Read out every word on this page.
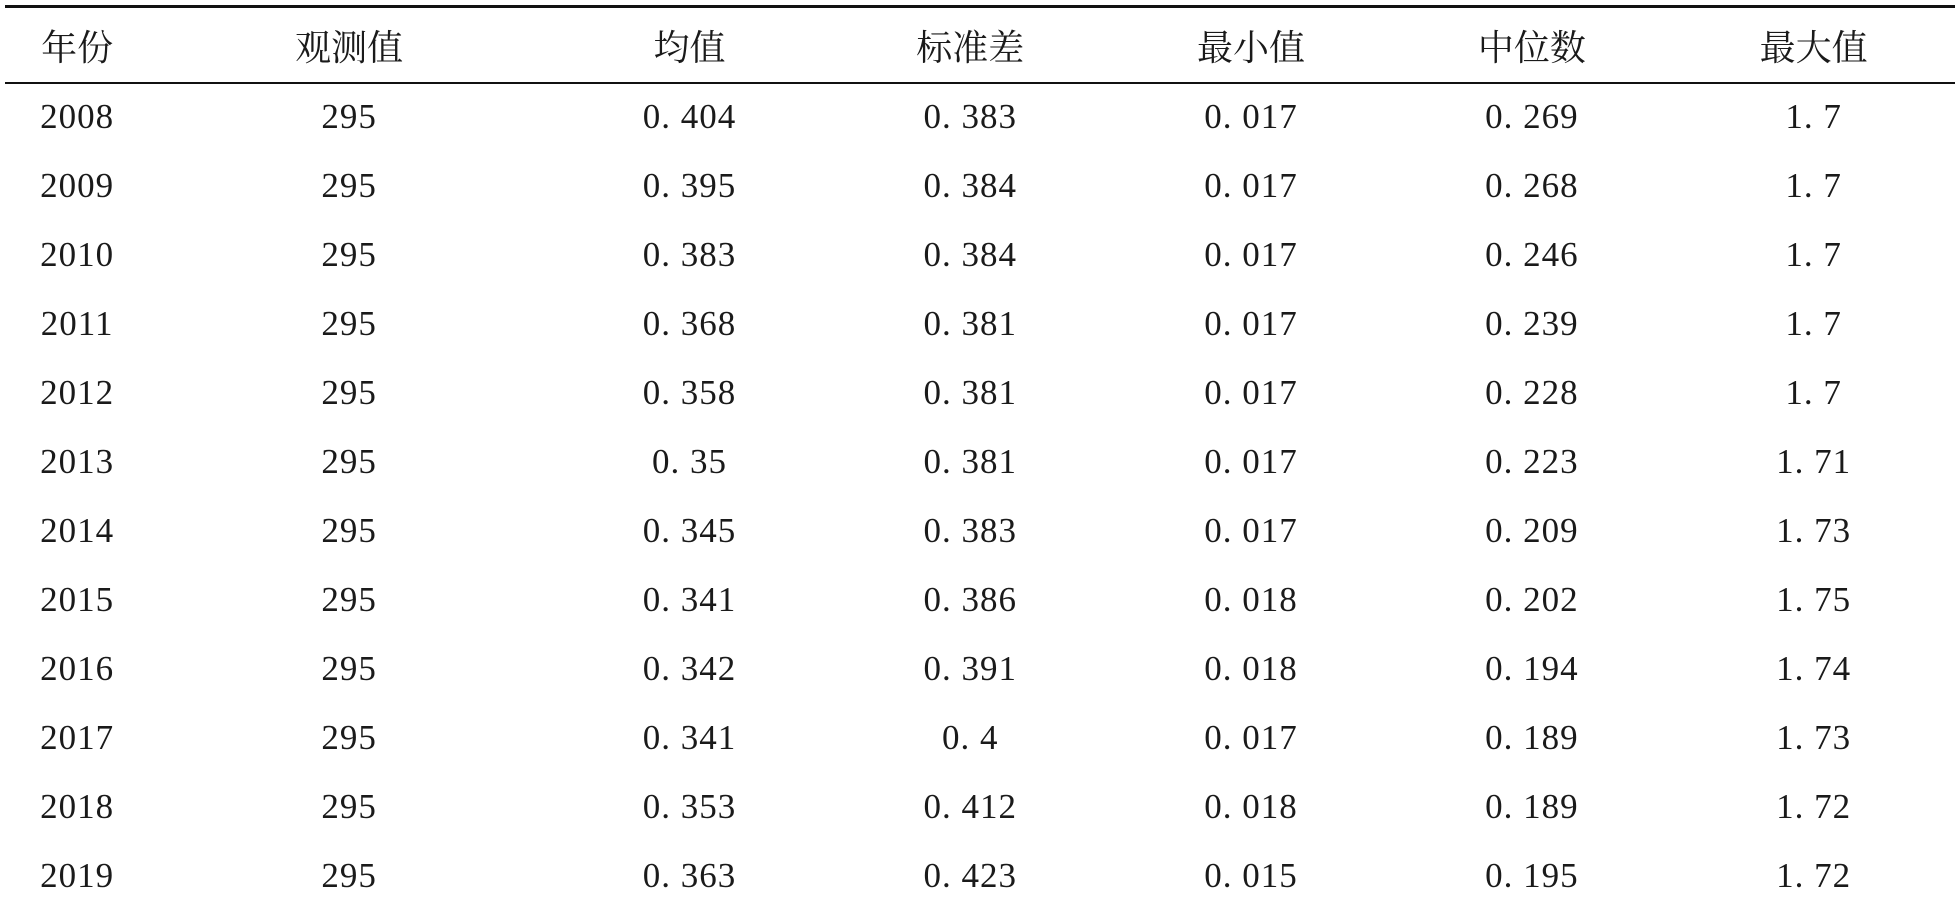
年份	观测值	均值	标准差	最小值	中位数	最大值
2008	295	0. 404	0. 383	0. 017	0. 269	1. 7
2009	295	0. 395	0. 384	0. 017	0. 268	1. 7
2010	295	0. 383	0. 384	0. 017	0. 246	1. 7
2011	295	0. 368	0. 381	0. 017	0. 239	1. 7
2012	295	0. 358	0. 381	0. 017	0. 228	1. 7
2013	295	0. 35	0. 381	0. 017	0. 223	1. 71
2014	295	0. 345	0. 383	0. 017	0. 209	1. 73
2015	295	0. 341	0. 386	0. 018	0. 202	1. 75
2016	295	0. 342	0. 391	0. 018	0. 194	1. 74
2017	295	0. 341	0. 4	0. 017	0. 189	1. 73
2018	295	0. 353	0. 412	0. 018	0. 189	1. 72
2019	295	0. 363	0. 423	0. 015	0. 195	1. 72
